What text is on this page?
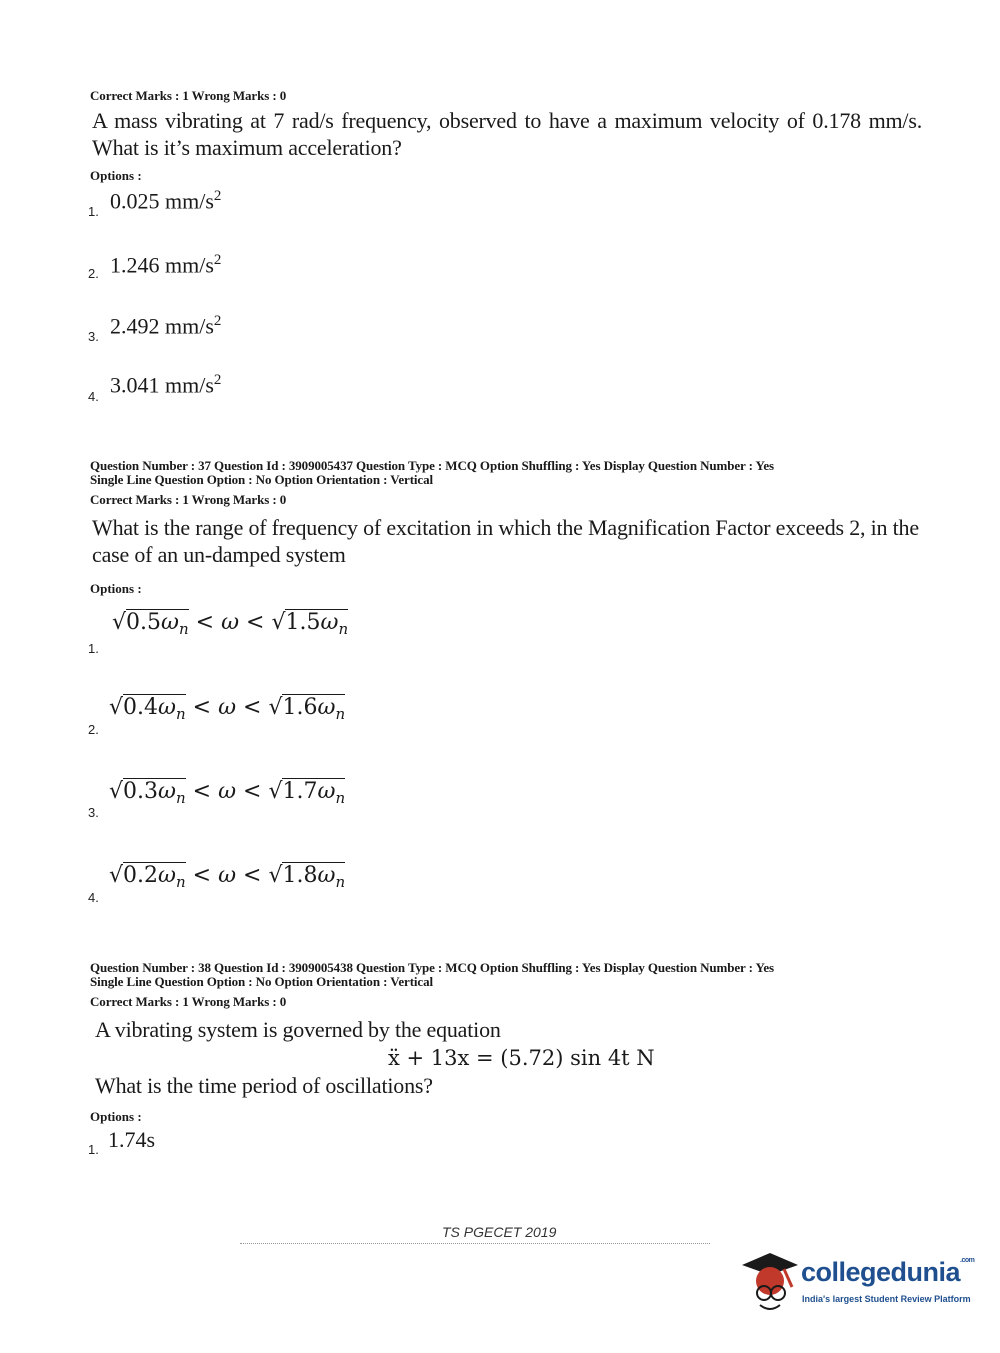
Correct Marks : 1 Wrong Marks : 0
A mass vibrating at 7 rad/s frequency, observed to have a maximum velocity of 0.178 mm/s. What is it’s maximum acceleration?
Options :
1. 0.025 $mm/s^2$
2. 1.246 $mm/s^2$
3. 2.492 $mm/s^2$
4. 3.041 $mm/s^2$
Question Number : 37 Question Id : 3909005437 Question Type : MCQ Option Shuffling : Yes Display Question Number : Yes
Single Line Question Option : No Option Orientation : Vertical
Correct Marks : 1 Wrong Marks : 0
What is the range of frequency of excitation in which the Magnification Factor exceeds 2, in the case of an un-damped system
Options :
1.
$√0.5\omega_n < \omega < √1.5\omega_n$
2.
$√0.4\omega_n < \omega < √1.6\omega_n$
3.
$√0.3\omega_n < \omega < √1.7\omega_n$
4.
$√0.2\omega_n < \omega < √1.8\omega_n$
Question Number : 38 Question Id : 3909005438 Question Type : MCQ Option Shuffling : Yes Display Question Number : Yes
Single Line Question Option : No Option Orientation : Vertical
Correct Marks : 1 Wrong Marks : 0
A vibrating system is governed by the equation
ẍ + 13x = (5.72) sin 4t N
What is the time period of oscillations?
Options :
1. 1.74s
TS PGECET 2019
collegedunia$^{.com}$
India's largest Student Review Platform
